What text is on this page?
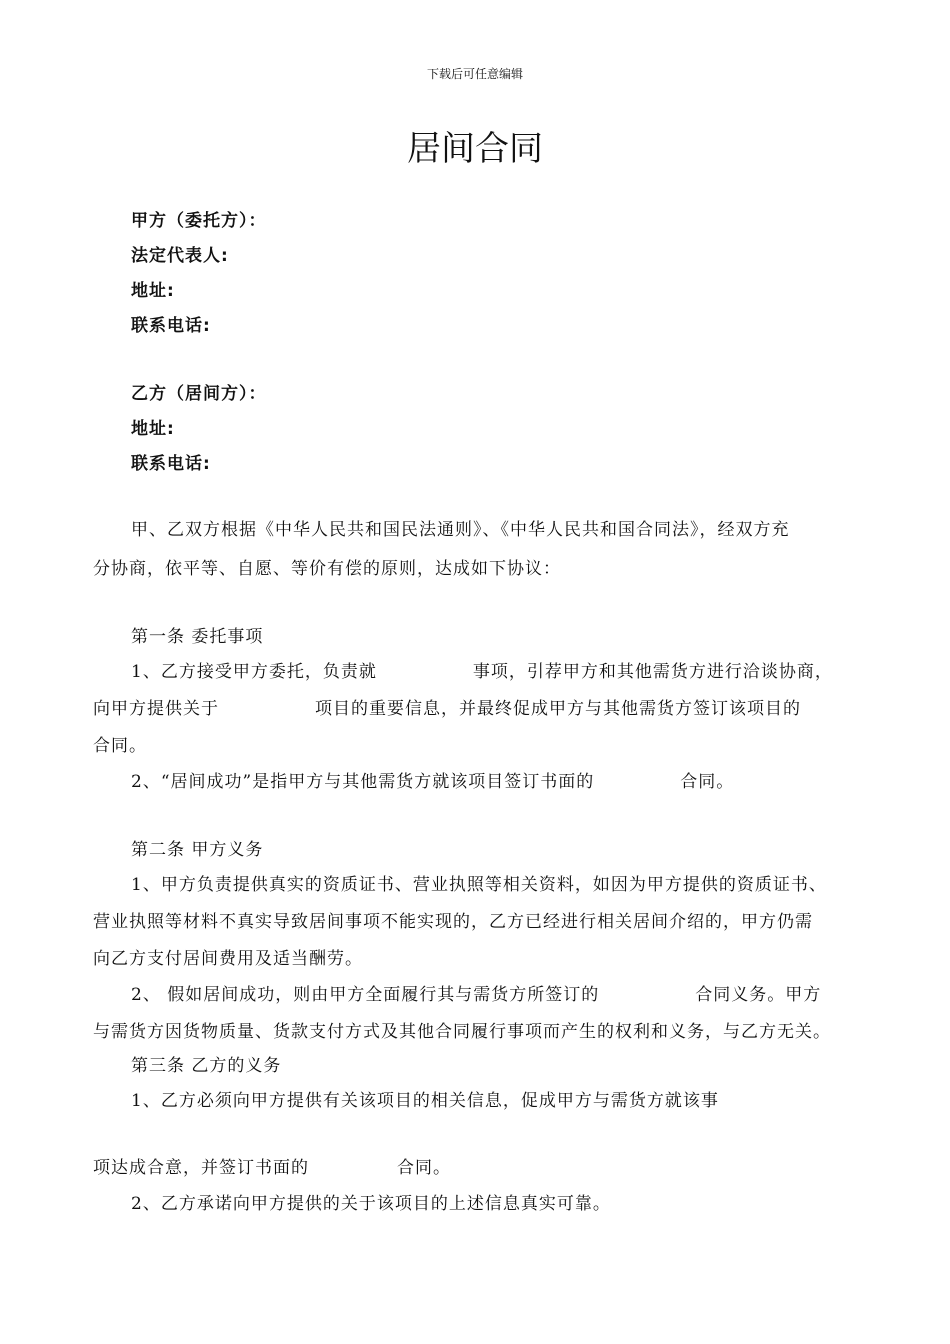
下载后可任意编辑
居间合同
甲方（委托方）：
法定代表人:
地址:
联系电话:
乙方（居间方）：
地址:
联系电话:
甲、乙双方根据《中华人民共和国民法通则》、《中华人民共和国合同法》，经双方充
分协商，依平等、自愿、等价有偿的原则，达成如下协议：
第一条 委托事项
1、乙方接受甲方委托，负责就	事项，引荐甲方和其他需货方进行洽谈协商，
向甲方提供关于	项目的重要信息，并最终促成甲方与其他需货方签订该项目的
合同。
2、“居间成功”是指甲方与其他需货方就该项目签订书面的	合同。
第二条 甲方义务
1、甲方负责提供真实的资质证书、营业执照等相关资料，如因为甲方提供的资质证书、
营业执照等材料不真实导致居间事项不能实现的，乙方已经进行相关居间介绍的，甲方仍需
向乙方支付居间费用及适当酬劳。
2、 假如居间成功，则由甲方全面履行其与需货方所签订的	合同义务。甲方
与需货方因货物质量、货款支付方式及其他合同履行事项而产生的权利和义务，与乙方无关。
第三条 乙方的义务
1、乙方必须向甲方提供有关该项目的相关信息，促成甲方与需货方就该事
项达成合意，并签订书面的	合同。
2、乙方承诺向甲方提供的关于该项目的上述信息真实可靠。
